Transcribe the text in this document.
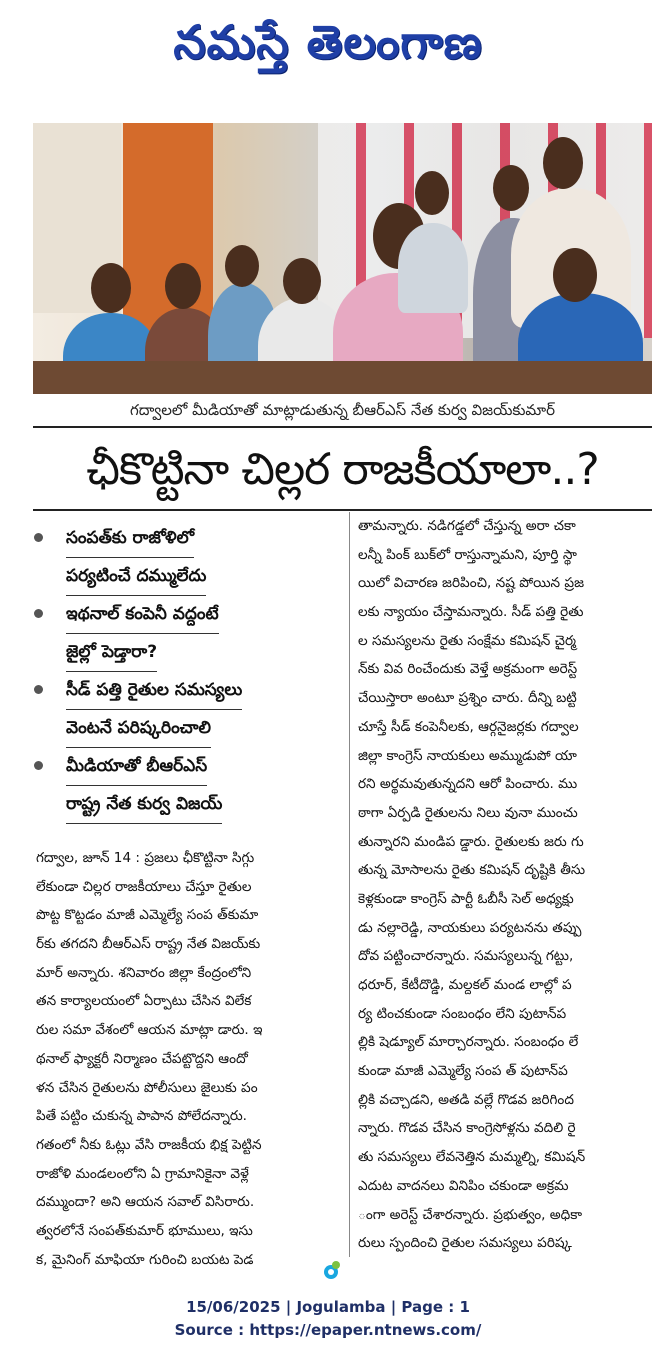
నమస్తే తెలంగాణ
గద్వాలలో మీడియాతో మాట్లాడుతున్న బీఆర్ఎస్ నేత కుర్వ విజయ్‌కుమార్
ఛీకొట్టినా చిల్లర రాజకీయాలా..?
సంపత్‌కు రాజోళిలో
పర్యటించే దమ్ములేదు
ఇథనాల్ కంపెనీ వద్దంటే
జైల్లో పెడ్తారా?
సీడ్ పత్తి రైతుల సమస్యలు
వెంటనే పరిష్కరించాలి
మీడియాతో బీఆర్ఎస్
రాష్ట్ర నేత కుర్వ విజయ్
గద్వాల, జూన్ 14 : ప్రజలు ఛీకొట్టినా సిగ్గు
లేకుండా చిల్లర రాజకీయాలు చేస్తూ రైతుల
పొట్ట కొట్టడం మాజీ ఎమ్మెల్యే సంప త్‌కుమా
ర్‌కు తగదని బీఆర్ఎస్ రాష్ట్ర నేత విజయ్‌కు
మార్ అన్నారు. శనివారం జిల్లా కేంద్రంలోని
తన కార్యాలయంలో ఏర్పాటు చేసిన విలేక
రుల సమా వేశంలో ఆయన మాట్లా డారు. ఇ
థనాల్ ఫ్యాక్టరీ నిర్మాణం చేపట్టొద్దని ఆందో
ళన చేసిన రైతులను పోలీసులు జైలుకు పం
పితే పట్టిం చుకున్న పాపాన పోలేదన్నారు.
గతంలో నీకు ఓట్లు వేసి రాజకీయ భిక్ష పెట్టిన
రాజోళి మండలంలోని ఏ గ్రామానికైనా వెళ్లే
దమ్ముందా? అని ఆయన సవాల్ విసిరారు.
త్వరలోనే సంపత్‌కుమార్ భూములు, ఇసు
క, మైనింగ్ మాఫియా గురించి బయట పెడ
తామన్నారు. నడిగడ్డలో చేస్తున్న అరా చకా
లన్నీ పింక్ బుక్‌లో రాస్తున్నామని, పూర్తి స్థా
యిలో విచారణ జరిపించి, నష్ట పోయిన ప్రజ
లకు న్యాయం చేస్తామన్నారు. సీడ్ పత్తి రైతు
ల సమస్యలను రైతు సంక్షేమ కమిషన్ చైర్మ
న్‌కు వివ రించేందుకు వెళ్తే అక్రమంగా అరెస్ట్
చేయిస్తారా అంటూ ప్రశ్నిం చారు. దీన్ని బట్టి
చూస్తే సీడ్ కంపెనీలకు, ఆర్గనైజర్లకు గద్వాల
జిల్లా కాంగ్రెస్ నాయకులు అమ్ముడుపో యా
రని అర్థమవుతున్నదని ఆరో పించారు. ము
ఠాగా ఏర్పడి రైతులను నిలు వునా ముంచు
తున్నారని మండిప డ్డారు. రైతులకు జరు గు
తున్న మోసాలను రైతు కమిషన్ దృష్టికి తీసు
కెళ్లకుండా కాంగ్రెస్ పార్టీ ఓబీసీ సెల్ అధ్యక్షు
డు నల్లారెడ్డి, నాయకులు పర్యటనను తప్పు
దోవ పట్టించారన్నారు. సమస్యలున్న గట్టు,
ధరూర్, కేటీదొడ్డి, మల్దకల్ మండ లాల్లో ప
ర్య టించకుండా సంబంధం లేని పుటాన్‌ప
ల్లికి షెడ్యూల్ మార్చారన్నారు. సంబంధం లే
కుండా మాజీ ఎమ్మెల్యే సంప త్ పుటాన్‌ప
ల్లికి వచ్చాడని, అతడి వల్లే గొడవ జరిగింద
న్నారు. గొడవ చేసిన కాంగ్రెసోళ్లను వదిలి రై
తు సమస్యలు లేవనెత్తిన మమ్మల్ని, కమిషన్
ఎదుట వాదనలు వినిపిం చకుండా అక్రమ
ంగా అరెస్ట్ చేశారన్నారు. ప్రభుత్వం, అధికా
రులు స్పందించి రైతుల సమస్యలు పరిష్క
15/06/2025 | Jogulamba | Page : 1
Source : https://epaper.ntnews.com/
